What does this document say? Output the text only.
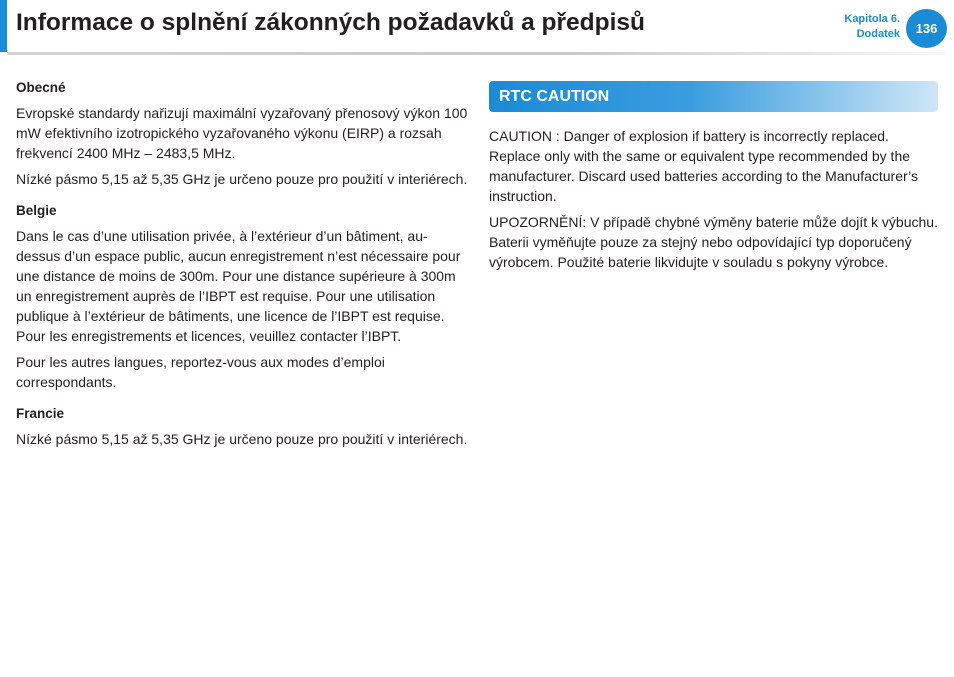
Informace o splnění zákonných požadavků a předpisů	Kapitola 6.
Dodatek	136
Obecné

Evropské standardy nařizují maximální vyzařovaný přenosový výkon 100 mW efektivního izotropického vyzařovaného výkonu (EIRP) a rozsah frekvencí 2400 MHz – 2483,5 MHz.

Nízké pásmo 5,15 až 5,35 GHz je určeno pouze pro použití v interiérech.

Belgie

Dans le cas d’une utilisation privée, à l’extérieur d’un bâtiment, au-dessus d’un espace public, aucun enregistrement n’est nécessaire pour une distance de moins de 300m. Pour une distance supérieure à 300m un enregistrement auprès de l’IBPT est requise. Pour une utilisation publique à l’extérieur de bâtiments, une licence de l’IBPT est requise. Pour les enregistrements et licences, veuillez contacter l’IBPT.

Pour les autres langues, reportez-vous aux modes d’emploi correspondants.

Francie

Nízké pásmo 5,15 až 5,35 GHz je určeno pouze pro použití v interiérech.

RTC CAUTION

CAUTION : Danger of explosion if battery is incorrectly replaced. Replace only with the same or equivalent type recommended by the manufacturer. Discard used batteries according to the Manufacturer’s instruction.

UPOZORNĚNÍ: V případě chybné výměny baterie může dojít k výbuchu. Baterii vyměňujte pouze za stejný nebo odpovídající typ doporučený výrobcem. Použité baterie likvidujte v souladu s pokyny výrobce.
